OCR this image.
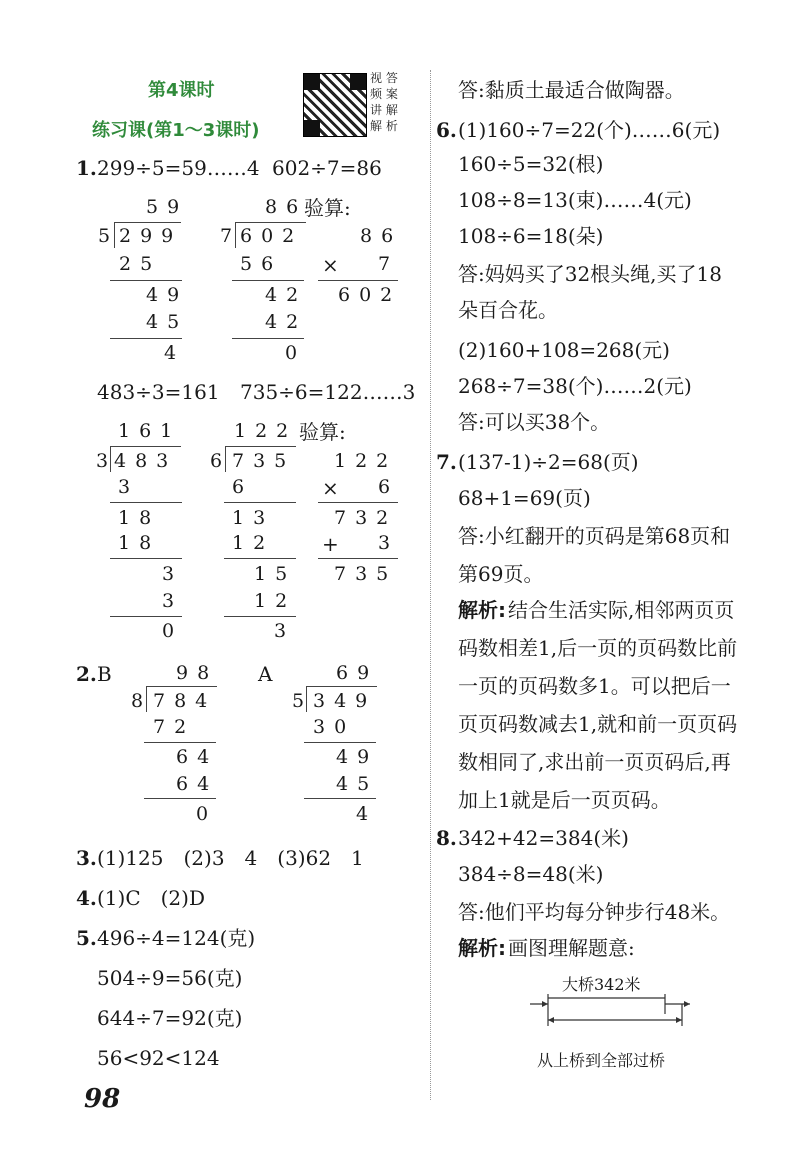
第4课时
练习课(第1～3课时)
视 答
频 案
讲 解
解 析
1. 299÷5=59……4 602÷7=86
59
5 299
25
49
45
4
86
验算:
7
602
56
42
42
0
86
× 7
602
483÷3=161 735÷6=122……3
161
3
483
3
18
18
3
3
0
122 验算:
6 735
6
13
12
15
12
3
122
× 6
732
+ 3
735
2. B	A
98
8 784
72
64
64
0
69
5 349
30
49
45
4
3. (1)125　(2)3　4　(3)62　1
4. (1)C　(2)D
5. 496÷4=124(克)
504÷9=56(克)
644÷7=92(克)
56<92<124
98
答:黏质土最适合做陶器。
6. (1)160÷7=22(个)……6(元)
160÷5=32(根)
108÷8=13(束)……4(元)
108÷6=18(朵)
答:妈妈买了32根头绳,买了18
朵百合花。
(2)160+108=268(元)
268÷7=38(个)……2(元)
答:可以买38个。
7. (137-1)÷2=68(页)
68+1=69(页)
答:小红翻开的页码是第68页和
第69页。
解析: 结合生活实际,相邻两页页
码数相差1,后一页的页码数比前
一页的页码数多1。可以把后一
页页码数减去1,就和前一页页码
数相同了,求出前一页页码后,再
加上1就是后一页页码。
8. 342+42=384(米)
384÷8=48(米)
答:他们平均每分钟步行48米。
解析: 画图理解题意:
大桥342米
从上桥到全部过桥
